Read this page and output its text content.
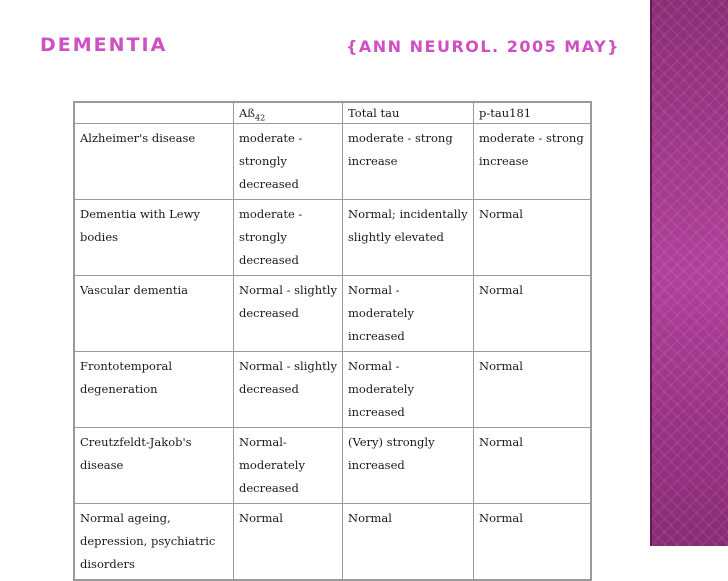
DEMENTIA	{ANN NEUROL. 2005 MAY}
	$Aß_{42}$	Total tau	p-tau181
Alzheimer's disease	moderate - strongly decreased	moderate - strong increase	moderate - strong increase
Dementia with Lewy bodies	moderate - strongly decreased	Normal; incidentally slightly elevated	Normal
Vascular dementia	Normal - slightly decreased	Normal - moderately increased	Normal
Frontotemporal degeneration	Normal - slightly decreased	Normal - moderately increased	Normal
Creutzfeldt-Jakob's disease	Normal-moderately decreased	(Very) strongly increased	Normal
Normal ageing, depression, psychiatric disorders	Normal	Normal	Normal
